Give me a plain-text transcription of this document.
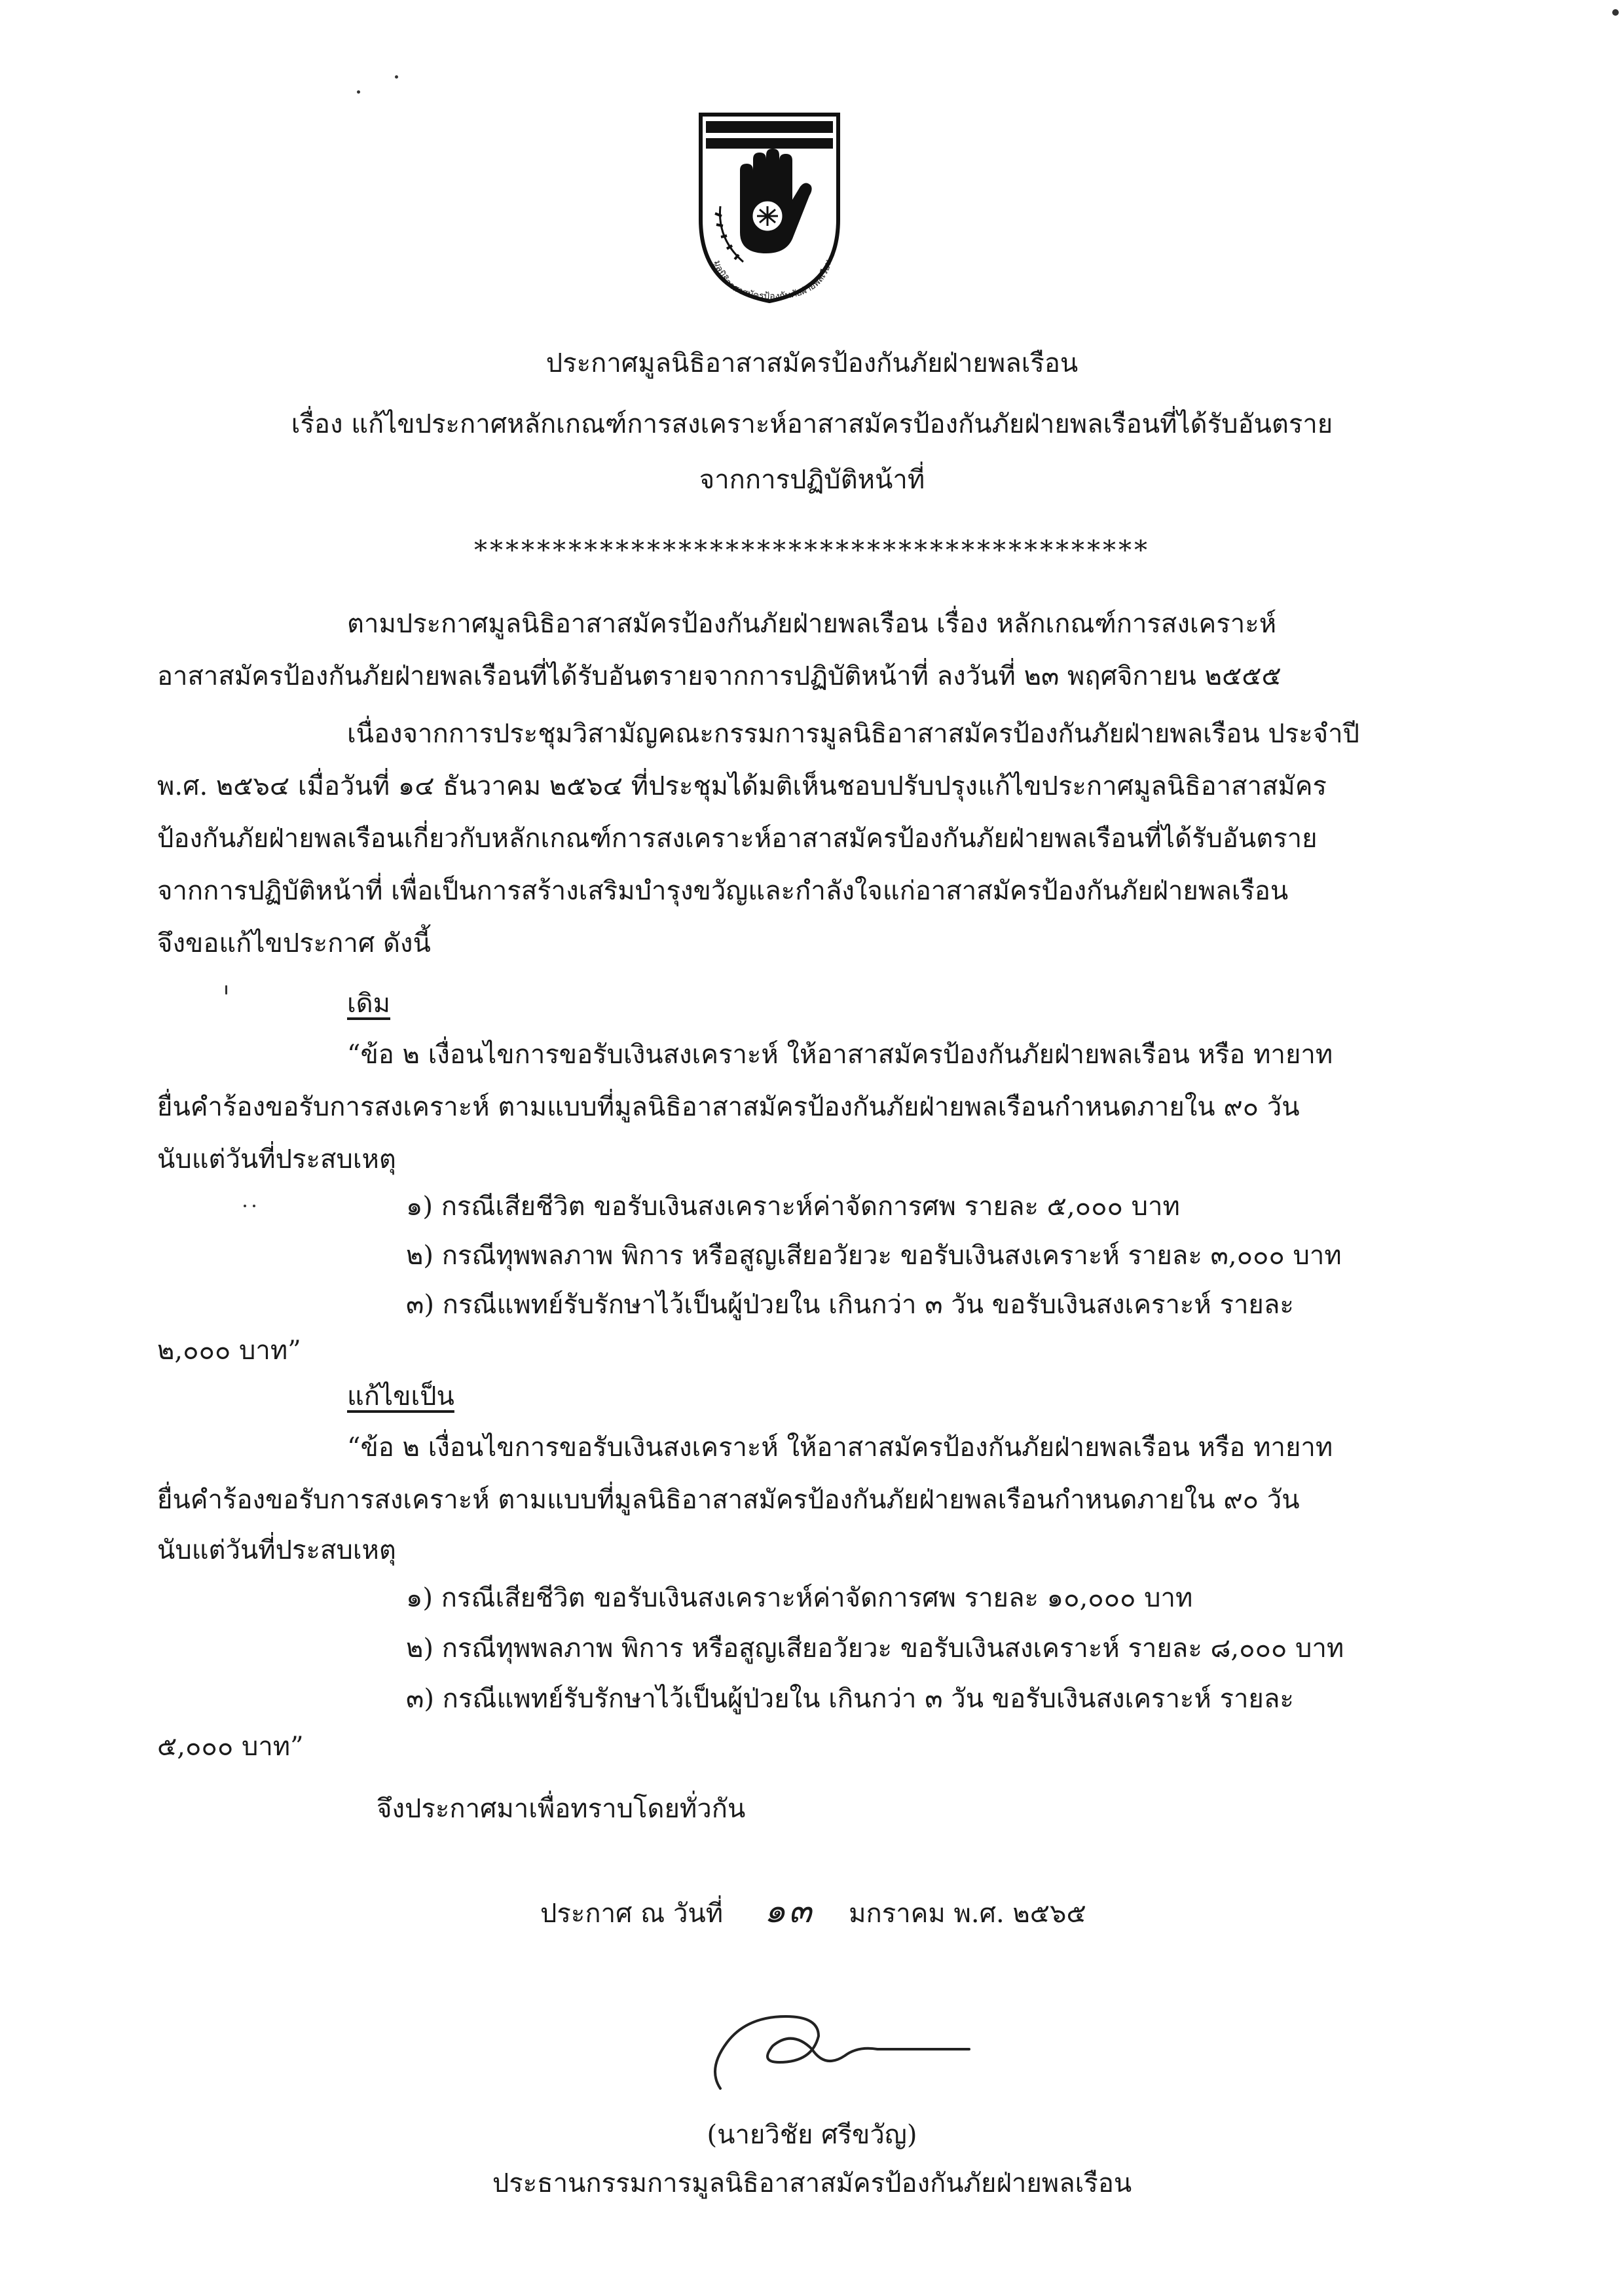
มูลนิธิอาสาสมัครป้องกันภัยฝ่ายพลเรือน
ประกาศมูลนิธิอาสาสมัครป้องกันภัยฝ่ายพลเรือน
เรื่อง แก้ไขประกาศหลักเกณฑ์การสงเคราะห์อาสาสมัครป้องกันภัยฝ่ายพลเรือนที่ได้รับอันตราย
จากการปฏิบัติหน้าที่
*******************************************
ตามประกาศมูลนิธิอาสาสมัครป้องกันภัยฝ่ายพลเรือน เรื่อง หลักเกณฑ์การสงเคราะห์
อาสาสมัครป้องกันภัยฝ่ายพลเรือนที่ได้รับอันตรายจากการปฏิบัติหน้าที่ ลงวันที่ ๒๓ พฤศจิกายน ๒๕๕๕
เนื่องจากการประชุมวิสามัญคณะกรรมการมูลนิธิอาสาสมัครป้องกันภัยฝ่ายพลเรือน ประจำปี
พ.ศ. ๒๕๖๔ เมื่อวันที่ ๑๔ ธันวาคม ๒๕๖๔ ที่ประชุมได้มติเห็นชอบปรับปรุงแก้ไขประกาศมูลนิธิอาสาสมัคร
ป้องกันภัยฝ่ายพลเรือนเกี่ยวกับหลักเกณฑ์การสงเคราะห์อาสาสมัครป้องกันภัยฝ่ายพลเรือนที่ได้รับอันตราย
จากการปฏิบัติหน้าที่ เพื่อเป็นการสร้างเสริมบำรุงขวัญและกำลังใจแก่อาสาสมัครป้องกันภัยฝ่ายพลเรือน
จึงขอแก้ไขประกาศ ดังนี้
เดิม
“ข้อ ๒ เงื่อนไขการขอรับเงินสงเคราะห์ ให้อาสาสมัครป้องกันภัยฝ่ายพลเรือน หรือ ทายาท
ยื่นคำร้องขอรับการสงเคราะห์ ตามแบบที่มูลนิธิอาสาสมัครป้องกันภัยฝ่ายพลเรือนกำหนดภายใน ๙๐ วัน
นับแต่วันที่ประสบเหตุ
๑) กรณีเสียชีวิต ขอรับเงินสงเคราะห์ค่าจัดการศพ รายละ ๕,๐๐๐ บาท
๒) กรณีทุพพลภาพ พิการ หรือสูญเสียอวัยวะ ขอรับเงินสงเคราะห์ รายละ ๓,๐๐๐ บาท
๓) กรณีแพทย์รับรักษาไว้เป็นผู้ป่วยใน เกินกว่า ๓ วัน ขอรับเงินสงเคราะห์ รายละ
๒,๐๐๐ บาท”
แก้ไขเป็น
“ข้อ ๒ เงื่อนไขการขอรับเงินสงเคราะห์ ให้อาสาสมัครป้องกันภัยฝ่ายพลเรือน หรือ ทายาท
ยื่นคำร้องขอรับการสงเคราะห์ ตามแบบที่มูลนิธิอาสาสมัครป้องกันภัยฝ่ายพลเรือนกำหนดภายใน ๙๐ วัน
นับแต่วันที่ประสบเหตุ
๑) กรณีเสียชีวิต ขอรับเงินสงเคราะห์ค่าจัดการศพ รายละ ๑๐,๐๐๐ บาท
๒) กรณีทุพพลภาพ พิการ หรือสูญเสียอวัยวะ ขอรับเงินสงเคราะห์ รายละ ๘,๐๐๐ บาท
๓) กรณีแพทย์รับรักษาไว้เป็นผู้ป่วยใน เกินกว่า ๓ วัน ขอรับเงินสงเคราะห์ รายละ
๕,๐๐๐ บาท”
จึงประกาศมาเพื่อทราบโดยทั่วกัน
ประกาศ ณ วันที่ ๑๓ มกราคม พ.ศ. ๒๕๖๕
(นายวิชัย ศรีขวัญ)
ประธานกรรมการมูลนิธิอาสาสมัครป้องกันภัยฝ่ายพลเรือน
